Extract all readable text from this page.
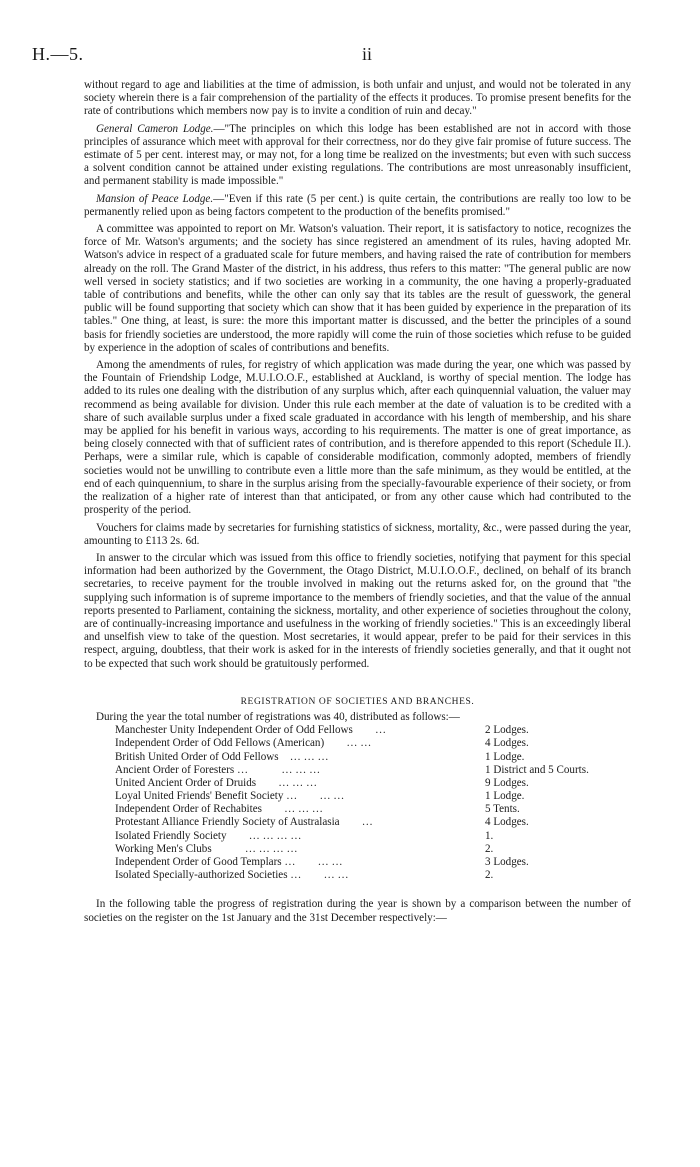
H.—5.	ii

without regard to age and liabilities at the time of admission, is both unfair and unjust, and would not be tolerated in any society wherein there is a fair comprehension of the partiality of the effects it produces. To promise present benefits for the rate of contributions which members now pay is to invite a condition of ruin and decay."

General Cameron Lodge.—"The principles on which this lodge has been established are not in accord with those principles of assurance which meet with approval for their correctness, nor do they give fair promise of future success. The estimate of 5 per cent. interest may, or may not, for a long time be realized on the investments; but even with such success a solvent condition cannot be attained under existing regulations. The contributions are most unreasonably insufficient, and permanent stability is made impossible."

Mansion of Peace Lodge.—"Even if this rate (5 per cent.) is quite certain, the contributions are really too low to be permanently relied upon as being factors competent to the production of the benefits promised."

A committee was appointed to report on Mr. Watson's valuation. Their report, it is satisfactory to notice, recognizes the force of Mr. Watson's arguments; and the society has since registered an amendment of its rules, having adopted Mr. Watson's advice in respect of a graduated scale for future members, and having raised the rate of contribution for members already on the roll. The Grand Master of the district, in his address, thus refers to this matter: "The general public are now well versed in society statistics; and if two societies are working in a community, the one having a properly-graduated table of contributions and benefits, while the other can only say that its tables are the result of guesswork, the general public will be found supporting that society which can show that it has been guided by experience in the preparation of its tables." One thing, at least, is sure: the more this important matter is discussed, and the better the principles of a sound basis for friendly societies are understood, the more rapidly will come the ruin of those societies which refuse to be guided by experience in the adoption of scales of contributions and benefits.

Among the amendments of rules, for registry of which application was made during the year, one which was passed by the Fountain of Friendship Lodge, M.U.I.O.O.F., established at Auckland, is worthy of special mention. The lodge has added to its rules one dealing with the distribution of any surplus which, after each quinquennial valuation, the valuer may recommend as being available for division. Under this rule each member at the date of valuation is to be credited with a share of such available surplus under a fixed scale graduated in accordance with his length of membership, and his share may be applied for his benefit in various ways, according to his requirements. The matter is one of great importance, as being closely connected with that of sufficient rates of contribution, and is therefore appended to this report (Schedule II.). Perhaps, were a similar rule, which is capable of considerable modification, commonly adopted, members of friendly societies would not be unwilling to contribute even a little more than the safe minimum, as they would be entitled, at the end of each quinquennium, to share in the surplus arising from the specially-favourable experience of their society, or from the realization of a higher rate of interest than that anticipated, or from any other cause which had contributed to the prosperity of the period.

Vouchers for claims made by secretaries for furnishing statistics of sickness, mortality, &c., were passed during the year, amounting to £113 2s. 6d.

In answer to the circular which was issued from this office to friendly societies, notifying that payment for this special information had been authorized by the Government, the Otago District, M.U.I.O.O.F., declined, on behalf of its branch secretaries, to receive payment for the trouble involved in making out the returns asked for, on the ground that "the supplying such information is of supreme importance to the members of friendly societies, and that the value of the annual reports presented to Parliament, containing the sickness, mortality, and other experience of societies throughout the colony, are of continually-increasing importance and usefulness in the working of friendly societies." This is an exceedingly liberal and unselfish view to take of the question. Most secretaries, it would appear, prefer to be paid for their services in this respect, arguing, doubtless, that their work is asked for in the interests of friendly societies generally, and that it ought not to be expected that such work should be gratuitously performed.

REGISTRATION OF SOCIETIES AND BRANCHES.

During the year the total number of registrations was 40, distributed as follows:—

Manchester Unity Independent Order of Odd Fellows …	2 Lodges.
Independent Order of Odd Fellows (American) … …	4 Lodges.
British United Order of Odd Fellows … … …	1 Lodge.
Ancient Order of Foresters …	… … …	1 District and 5 Courts.
United Ancient Order of Druids … … …	9 Lodges.
Loyal United Friends' Benefit Society … … …	1 Lodge.
Independent Order of Rechabites … … …	5 Tents.
Protestant Alliance Friendly Society of Australasia …	4 Lodges.
Isolated Friendly Society … … … …	1.
Working Men's Clubs	… … … …	2.
Independent Order of Good Templars … … …	3 Lodges.
Isolated Specially-authorized Societies … … …	2.

In the following table the progress of registration during the year is shown by a comparison between the number of societies on the register on the 1st January and the 31st December respectively:—
